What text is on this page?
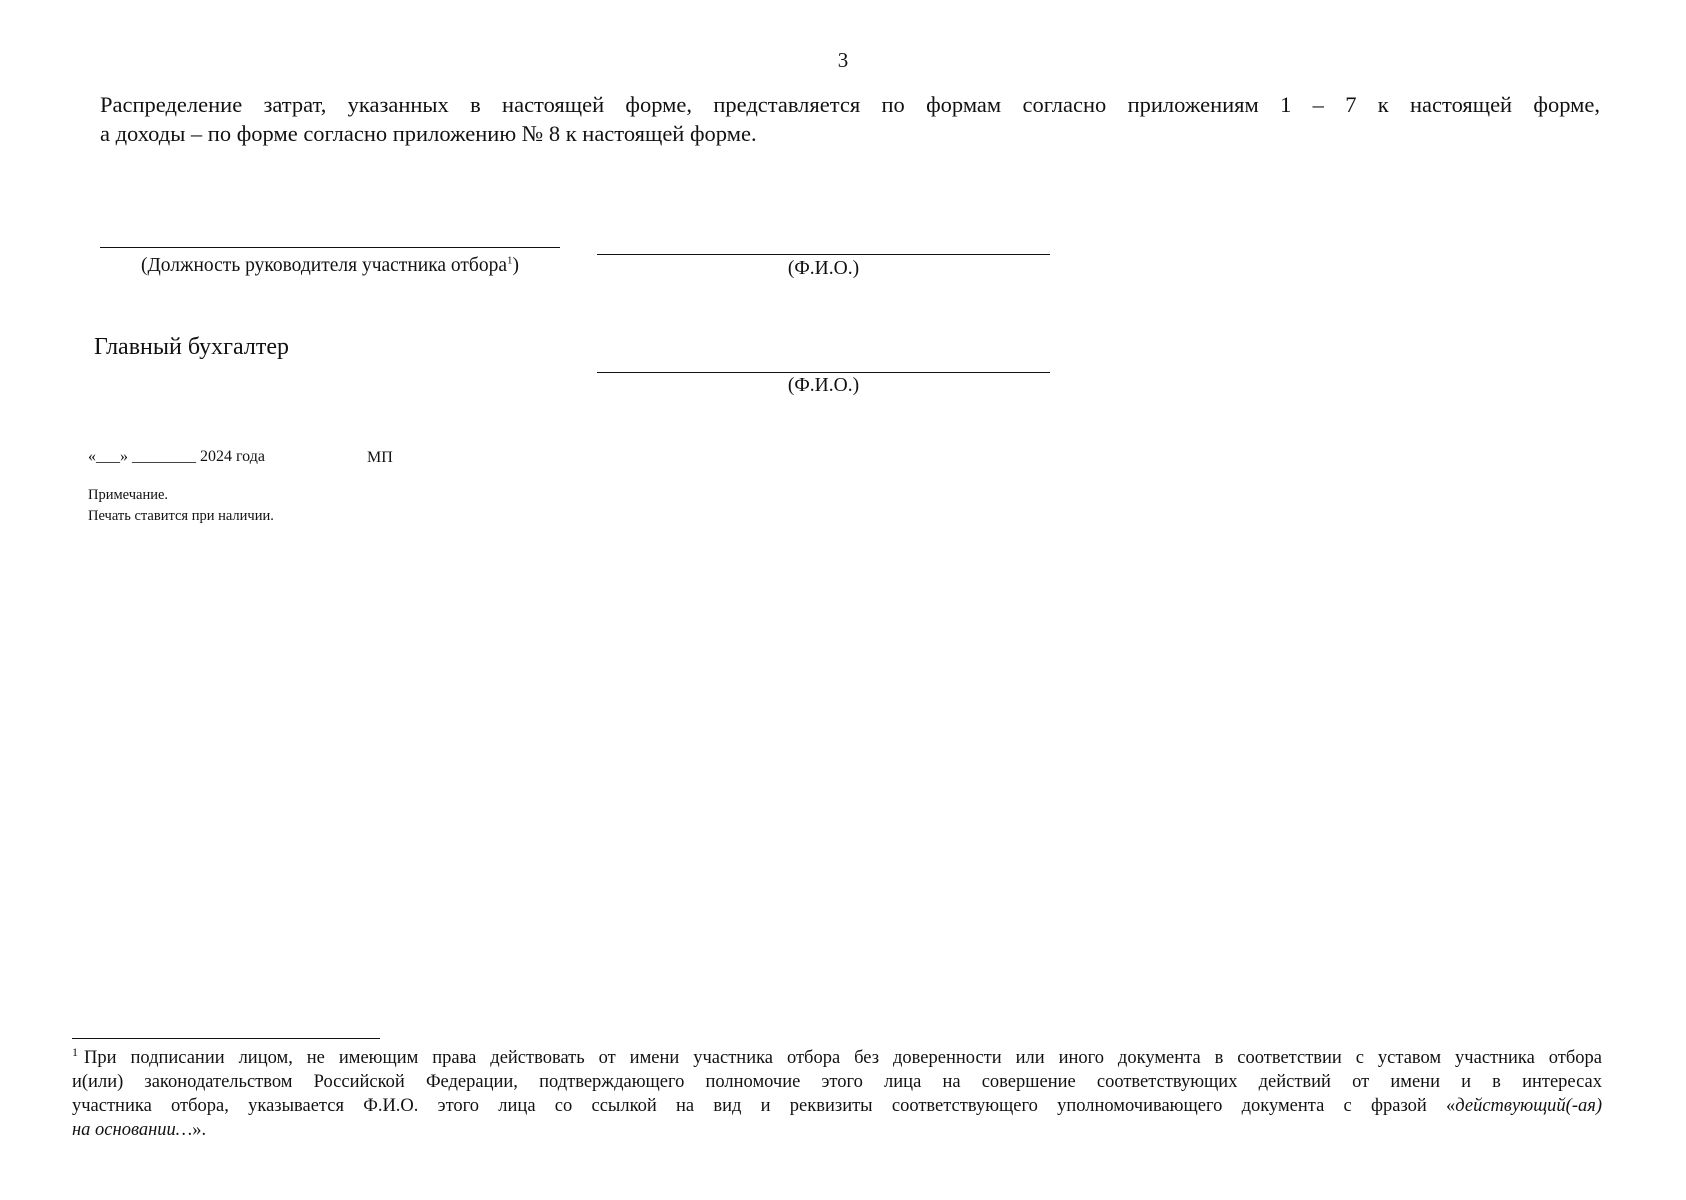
3
Распределение затрат, указанных в настоящей форме, представляется по формам согласно приложениям 1 – 7 к настоящей форме,
а доходы – по форме согласно приложению № 8 к настоящей форме.
(Должность руководителя участника отбора$^1$)	(Ф.И.О.)
Главный бухгалтер
(Ф.И.О.)
«___» ________ 2024 года	МП
Примечание.
Печать ставится при наличии.
$^1$ При подписании лицом, не имеющим права действовать от имени участника отбора без доверенности или иного документа в соответствии с уставом участника отбора
и(или) законодательством Российской Федерации, подтверждающего полномочие этого лица на совершение соответствующих действий от имени и в интересах
участника отбора, указывается Ф.И.О. этого лица со ссылкой на вид и реквизиты соответствующего уполномочивающего документа с фразой «действующий(-ая)
на основании…».
